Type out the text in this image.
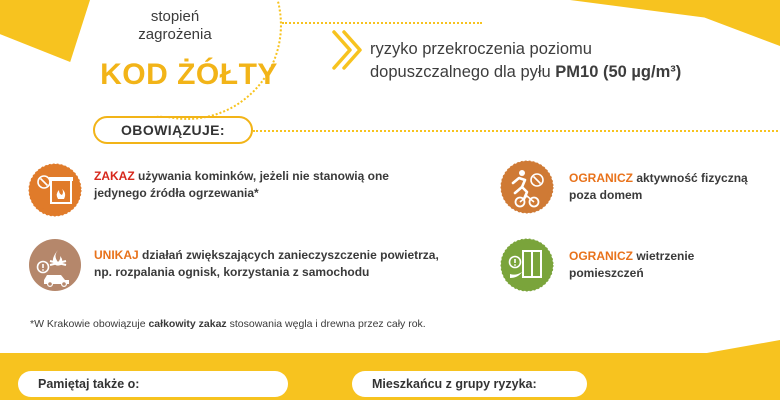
stopień
zagrożenia
KOD ŻÓŁTY
ryzyko przekroczenia poziomu
dopuszczalnego dla pyłu PM10 (50 µg/m³)
OBOWIĄZUJE:
ZAKAZ używania kominków, jeżeli nie stanowią one
jedynego źródła ogrzewania*
UNIKAJ działań zwiększających zanieczyszczenie powietrza,
np. rozpalania ognisk, korzystania z samochodu
OGRANICZ aktywność fizyczną
poza domem
OGRANICZ wietrzenie
pomieszczeń
*W Krakowie obowiązuje całkowity zakaz stosowania węgla i drewna przez cały rok.
Pamiętaj także o:	Mieszkańcu z grupy ryzyka:
